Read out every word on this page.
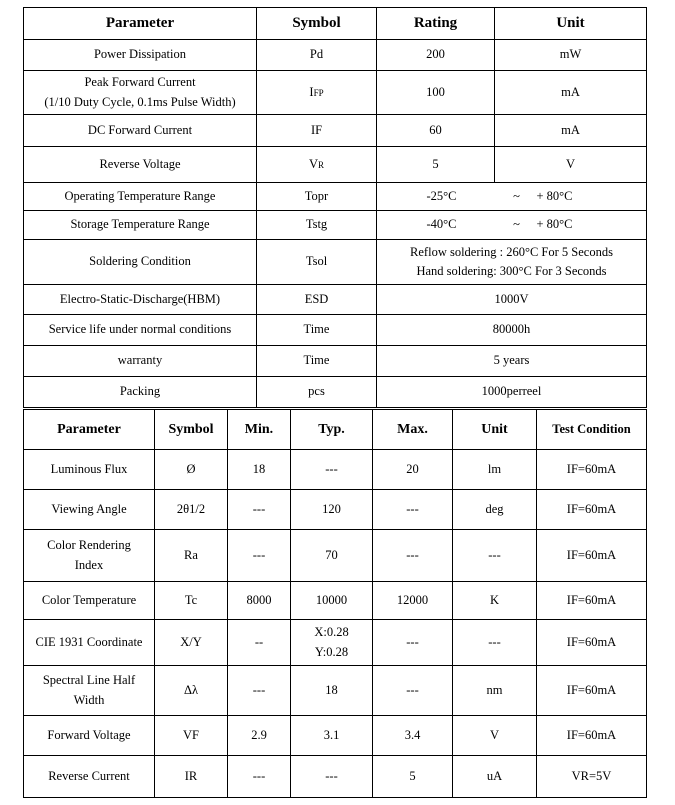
Parameter	Symbol	Rating	Unit
Power Dissipation	Pd	200	mW

Peak Forward Current
(1/10 Duty Cycle, 0.1ms Pulse Width)	IFP	100	mA
DC Forward Current	IF	60	mA
Reverse Voltage	VR	5	V
Operating Temperature Range	Topr	-25°C ~ + 80°C	
Storage Temperature Range	Tstg	-40°C ~ + 80°C	
Soldering Condition	Tsol	Reflow soldering : 260°C For 5 Seconds
Hand soldering: 300°C For 3 Seconds	

Electro-Static-Discharge(HBM)	ESD	1000V	
Service life under normal conditions	Time	80000h	
warranty	Time	5 years	
Packing	pcs	1000perreel	
Parameter	Symbol	Min.	Typ.	Max.	Unit	Test Condition
Luminous Flux	Ø	18	---	20	lm	IF=60mA
Viewing Angle	2θ1/2	---	120	---	deg	IF=60mA

Color Rendering
Index	Ra	---	70	---	---	IF=60mA
Color Temperature	Tc	8000	10000	12000	K	IF=60mA
CIE 1931 Coordinate	X/Y	--	X:0.28
Y:0.28	---	---	IF=60mA

Spectral Line Half
Width	Δλ	---	18	---	nm	IF=60mA
Forward Voltage	VF	2.9	3.1	3.4	V	IF=60mA
Reverse Current	IR	---	---	5	uA	VR=5V
